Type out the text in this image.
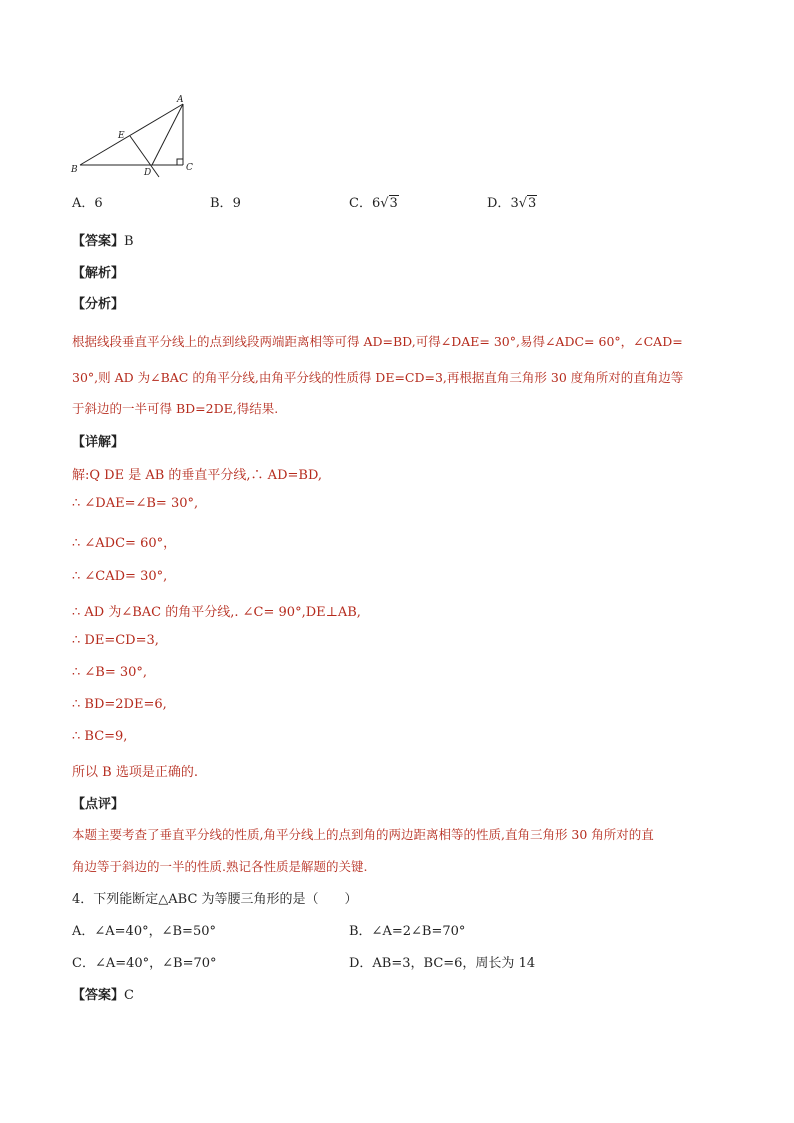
A
B	C
D
E
A．6	B．9	C．6√3	D．3√3
【答案】B
【解析】
【分析】
根据线段垂直平分线上的点到线段两端距离相等可得 AD=BD,可得∠DAE= 30°,易得∠ADC= 60°，∠CAD=
30°,则 AD 为∠BAC 的角平分线,由角平分线的性质得 DE=CD=3,再根据直角三角形 30 度角所对的直角边等
于斜边的一半可得 BD=2DE,得结果.
【详解】
解:Q DE 是 AB 的垂直平分线,∴ AD=BD,
∴ ∠DAE=∠B= 30°,
∴ ∠ADC= 60°，
∴ ∠CAD= 30°,
∴ AD 为∠BAC 的角平分线,. ∠C= 90°,DE⊥AB,
∴ DE=CD=3,
∴ ∠B= 30°,
∴ BD=2DE=6,
∴ BC=9,
所以 B 选项是正确的.
【点评】
本题主要考查了垂直平分线的性质,角平分线上的点到角的两边距离相等的性质,直角三角形 30 角所对的直
角边等于斜边的一半的性质.熟记各性质是解题的关键.
4．下列能断定△ABC 为等腰三角形的是（　　）
A．∠A=40°，∠B=50°	B．∠A=2∠B=70°
C．∠A=40°，∠B=70°	D．AB=3，BC=6，周长为 14
【答案】C
